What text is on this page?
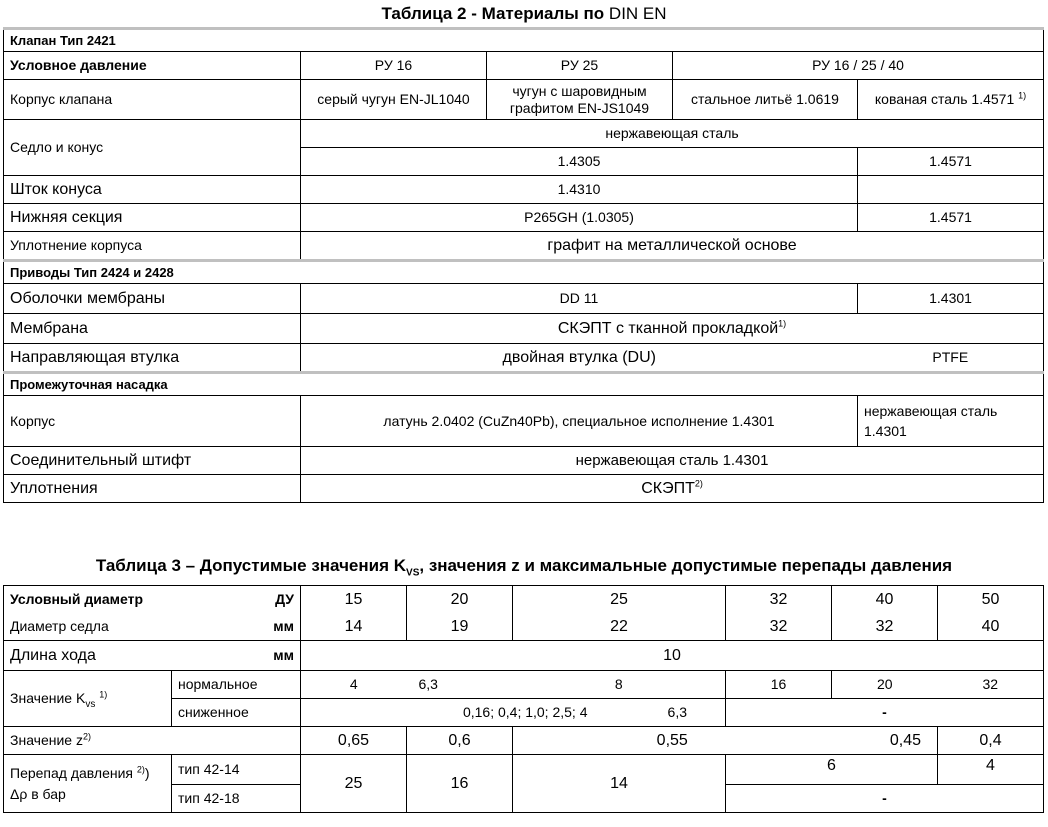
Таблица 2 - Материалы по DIN EN
Клапан Тип 2421				
Условное давление	РУ 16	РУ 25	РУ 16 / 25 / 40	
Корпус клапана	серый чугун EN-JL1040	чугун с шаровидным графитом EN-JS1049	стальное литьё 1.0619	кованая сталь 1.4571 $^{1)}$
Седло и конус	нержавеющая сталь			
	1.4305			1.4571
Шток конуса	1.4310			
Нижняя секция	P265GH (1.0305)			1.4571
Уплотнение корпуса	графит на металлической основе			
Приводы Тип 2424 и 2428				
Оболочки мембраны	DD 11			1.4301
Мембрана	СКЭПТ с тканной прокладкой$^{1)}$
Направляющая втулка	двойная втулка (DU)			PTFE
Промежуточная насадка				
Корпус	латунь 2.0402 (CuZn40Pb), специальное исполнение 1.4301			нержавеющая сталь 1.4301
Соединительный штифт	нержавеющая сталь 1.4301			
Уплотнения	СКЭПТ$^{2)}$
Таблица 3 – Допустимые значения $K_{VS}$, значения z и максимальные допустимые перепады давления
Условный диаметр ДУ		15	20	25	32	40	50
Диаметр седла мм		14	19	22	32	32	40
Длина хода мм		10					
Значение $K_{vs}$ $^{1)}$	нормальное	4	6,3	8	16	20	32
	сниженное	0,16; 0,4; 1,0; 2,5; 4		6,3	-		
Значение $z^{2)}$		0,65	0,6	0,55		0,45	0,4
Перепад давления $^{2)}$)
Δρ в бар	тип 42-14	25	16	14	6		4
	тип 42-18				-		
